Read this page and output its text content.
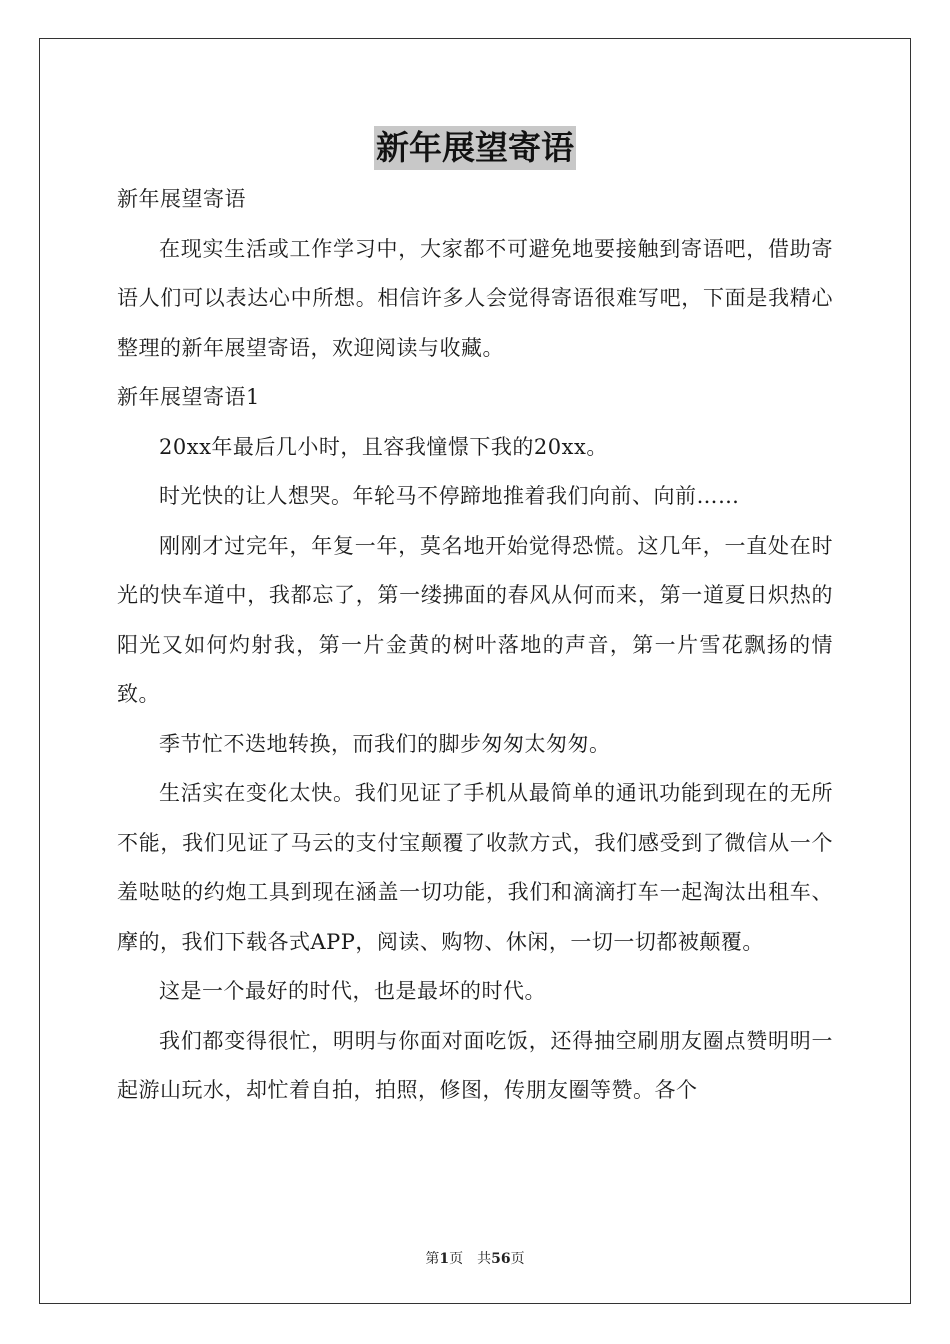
新年展望寄语

新年展望寄语

在现实生活或工作学习中，大家都不可避免地要接触到寄语吧，借助寄语人们可以表达心中所想。相信许多人会觉得寄语很难写吧，下面是我精心整理的新年展望寄语，欢迎阅读与收藏。

新年展望寄语1

20xx年最后几小时，且容我憧憬下我的20xx。

时光快的让人想哭。年轮马不停蹄地推着我们向前、向前……

刚刚才过完年，年复一年，莫名地开始觉得恐慌。这几年，一直处在时光的快车道中，我都忘了，第一缕拂面的春风从何而来，第一道夏日炽热的阳光又如何灼射我，第一片金黄的树叶落地的声音，第一片雪花飘扬的情致。

季节忙不迭地转换，而我们的脚步匆匆太匆匆。

生活实在变化太快。我们见证了手机从最简单的通讯功能到现在的无所不能，我们见证了马云的支付宝颠覆了收款方式，我们感受到了微信从一个羞哒哒的约炮工具到现在涵盖一切功能，我们和滴滴打车一起淘汰出租车、摩的，我们下载各式APP，阅读、购物、休闲，一切一切都被颠覆。

这是一个最好的时代，也是最坏的时代。

我们都变得很忙，明明与你面对面吃饭，还得抽空刷朋友圈点赞明明一起游山玩水，却忙着自拍，拍照，修图，传朋友圈等赞。各个

第1页 共56页
